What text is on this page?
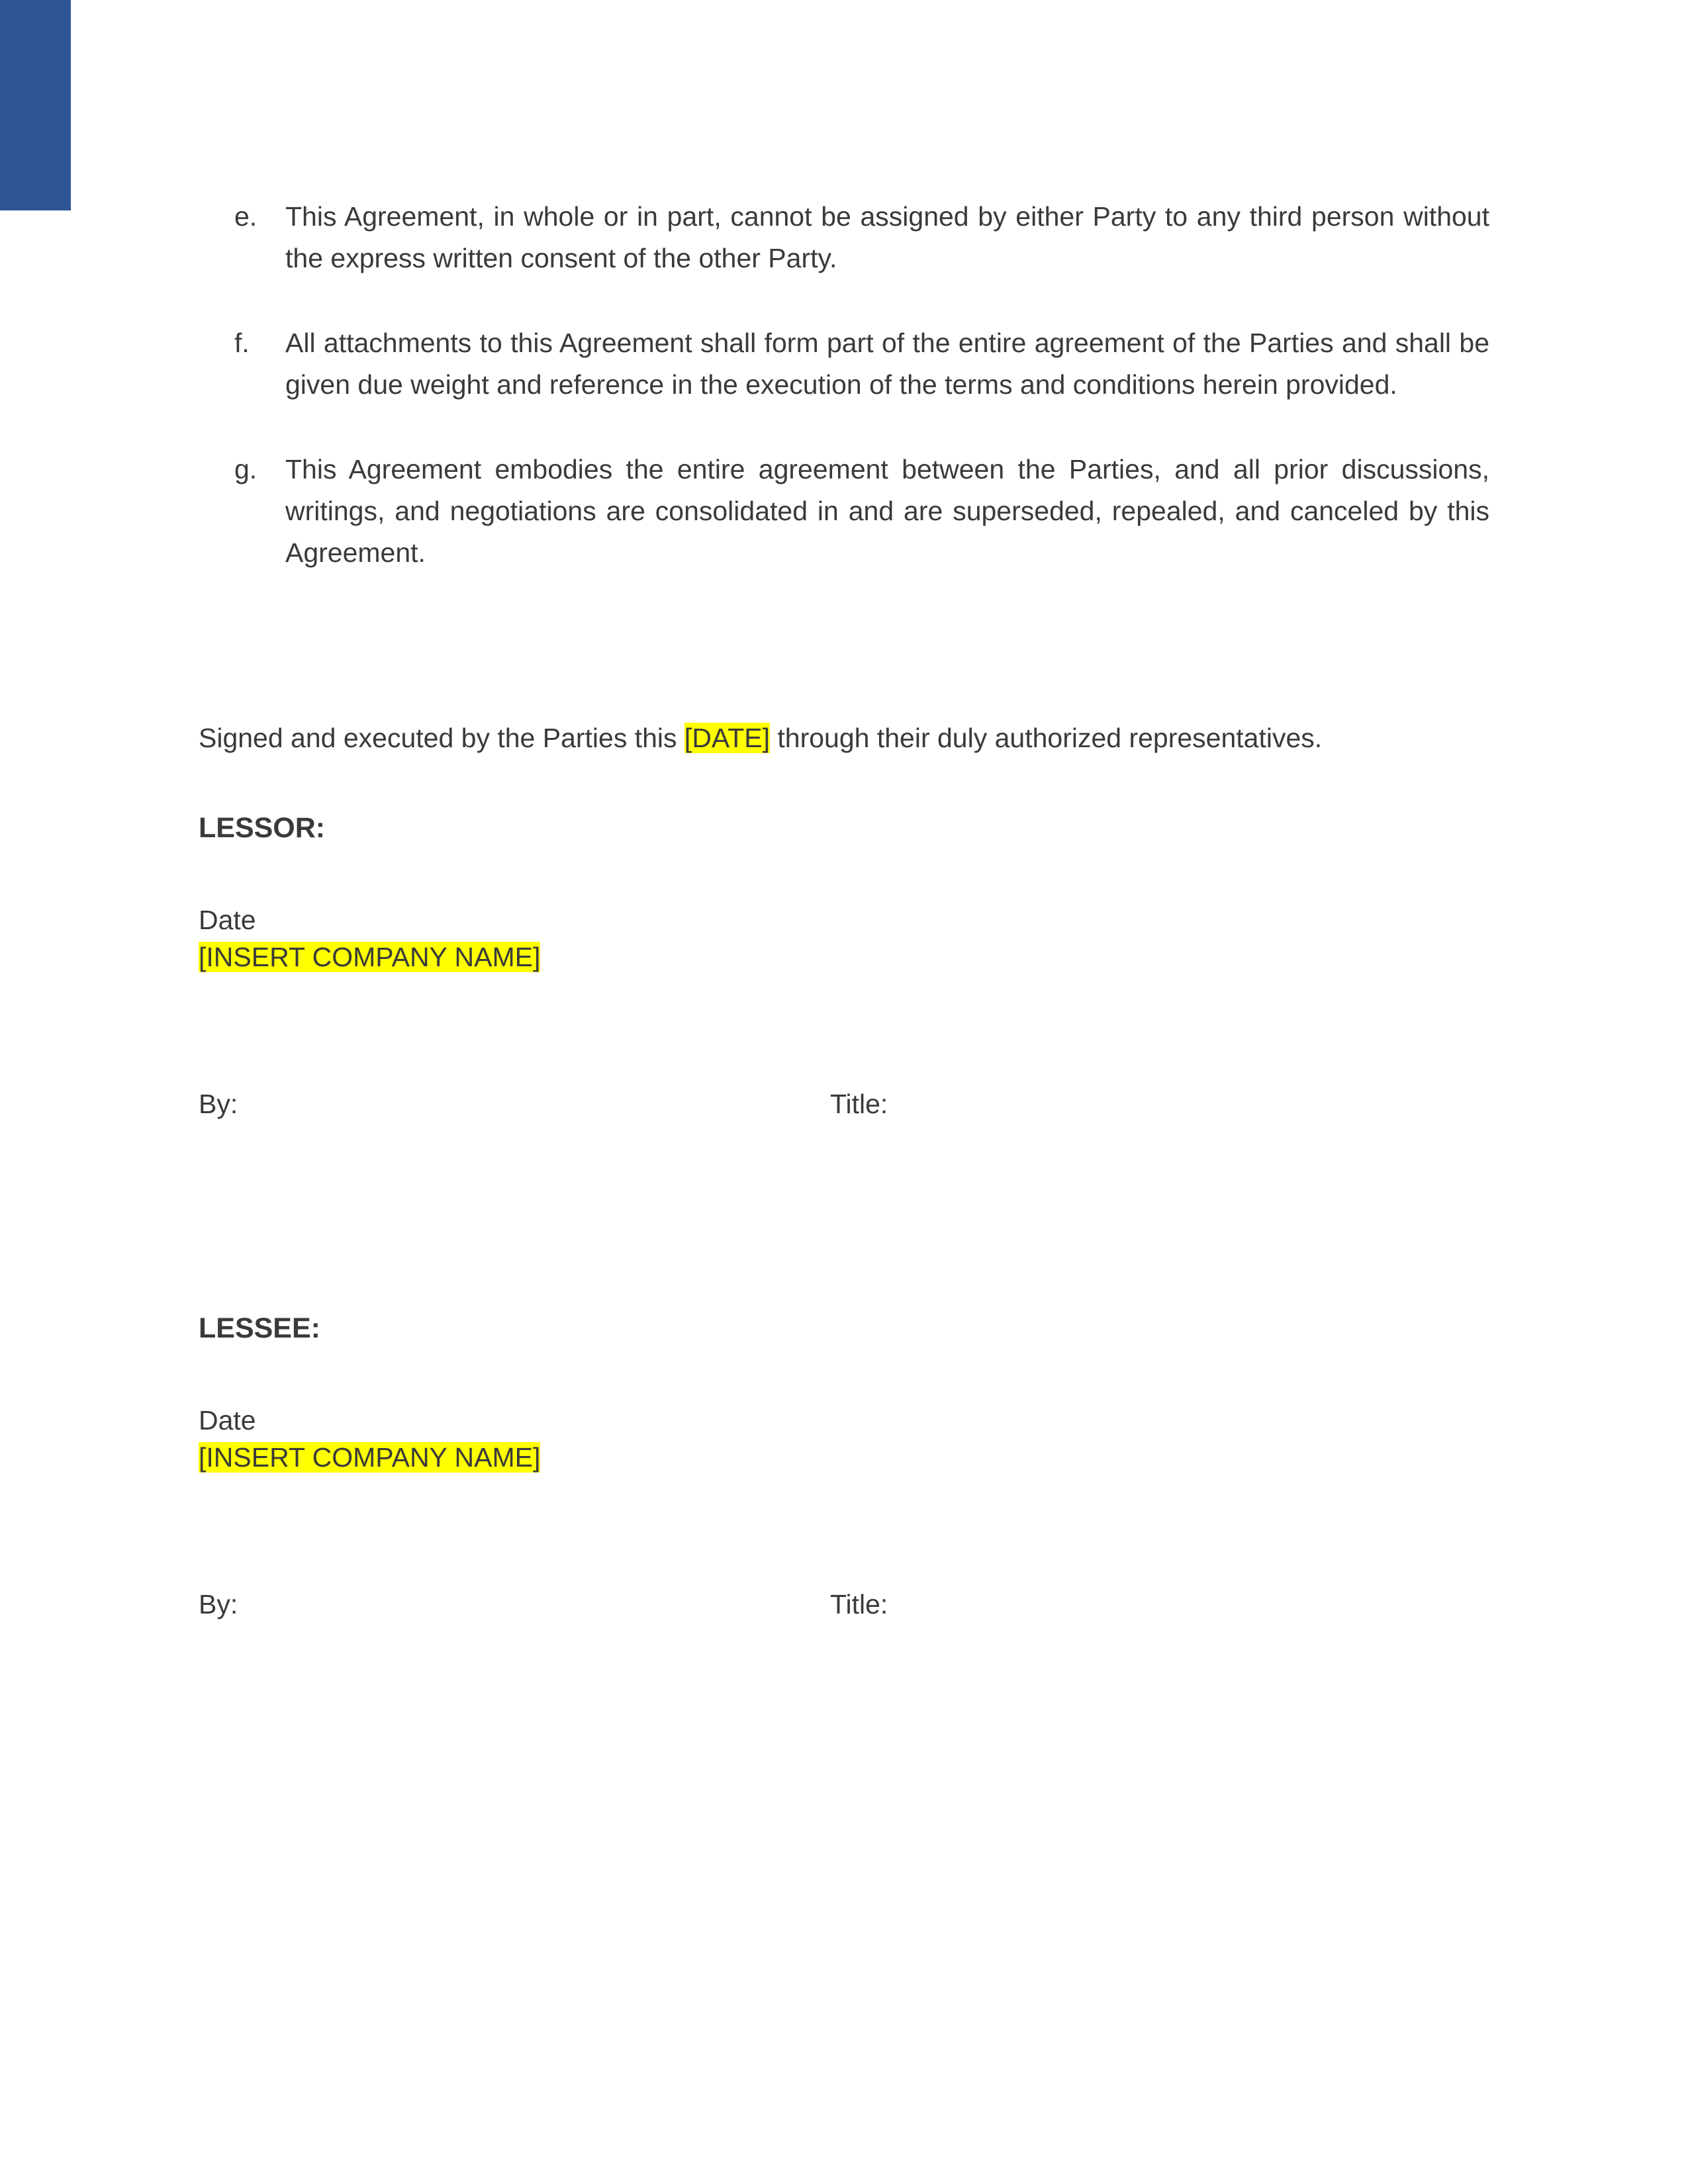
e.	This Agreement, in whole or in part, cannot be assigned by either Party to any third person without the express written consent of the other Party.
f.	All attachments to this Agreement shall form part of the entire agreement of the Parties and shall be given due weight and reference in the execution of the terms and conditions herein provided.
g.	This Agreement embodies the entire agreement between the Parties, and all prior discussions, writings, and negotiations are consolidated in and are superseded, repealed, and canceled by this Agreement.
Signed and executed by the Parties this [DATE] through their duly authorized representatives.
LESSOR:
Date
[INSERT COMPANY NAME]
By:	Title:
LESSEE:
Date
[INSERT COMPANY NAME]
By:	Title:
